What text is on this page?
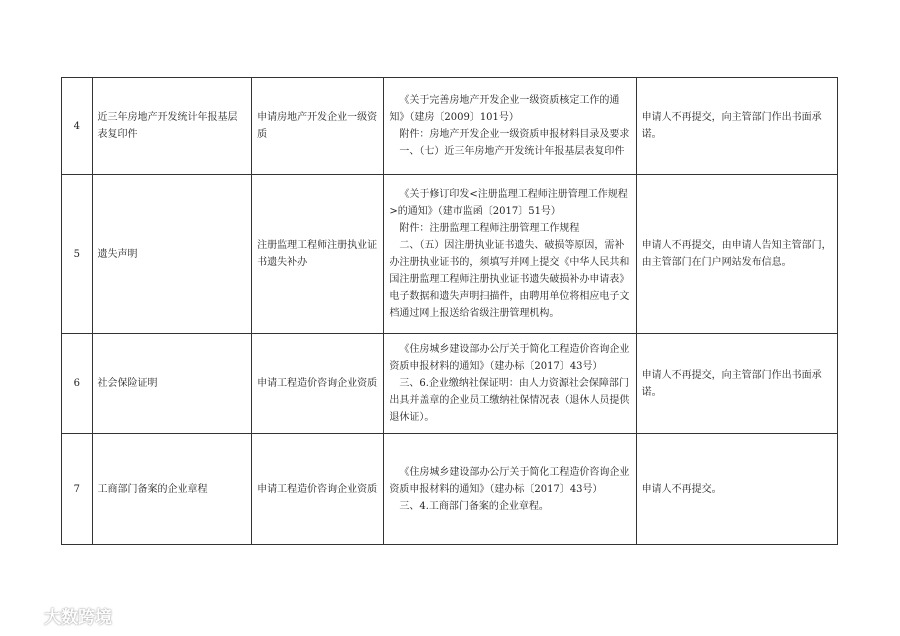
4	近三年房地产开发统计年报基层表复印件	申请房地产开发企业一级资质	《关于完善房地产开发企业一级资质核定工作的通知》（建房〔2009〕101号）

附件：房地产开发企业一级资质申报材料目录及要求

一、（七）近三年房地产开发统计年报基层表复印件	申请人不再提交，向主管部门作出书面承诺。
5	遗失声明	注册监理工程师注册执业证书遗失补办	《关于修订印发<注册监理工程师注册管理工作规程>的通知》（建市监函〔2017〕51号）

附件：注册监理工程师注册管理工作规程

二、（五）因注册执业证书遗失、破损等原因，需补办注册执业证书的，须填写并网上提交《中华人民共和国注册监理工程师注册执业证书遗失破损补办申请表》电子数据和遗失声明扫描件，由聘用单位将相应电子文档通过网上报送给省级注册管理机构。	申请人不再提交，由申请人告知主管部门，由主管部门在门户网站发布信息。
6	社会保险证明	申请工程造价咨询企业资质	《住房城乡建设部办公厅关于简化工程造价咨询企业资质申报材料的通知》（建办标〔2017〕43号）

三、6.企业缴纳社保证明：由人力资源社会保障部门出具并盖章的企业员工缴纳社保情况表（退休人员提供退休证）。	申请人不再提交，向主管部门作出书面承诺。
7	工商部门备案的企业章程	申请工程造价咨询企业资质	《住房城乡建设部办公厅关于简化工程造价咨询企业资质申报材料的通知》（建办标〔2017〕43号）

三、4.工商部门备案的企业章程。	申请人不再提交。
大数跨境
